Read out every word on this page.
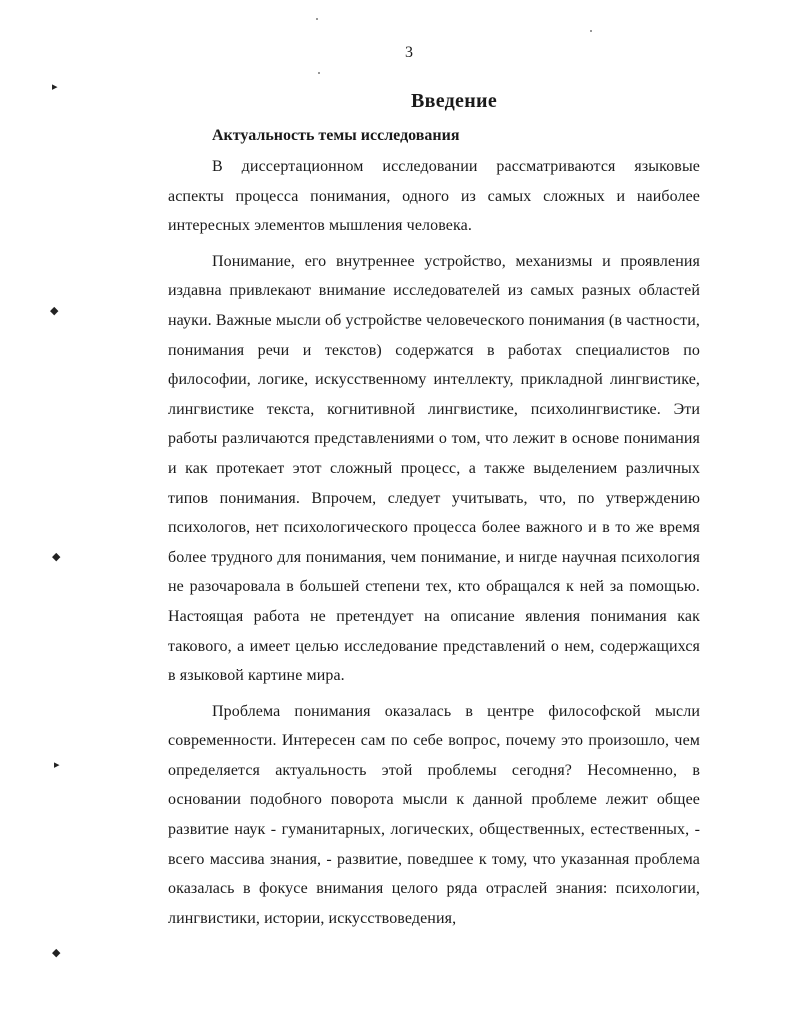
3
Введение
Актуальность темы исследования

В диссертационном исследовании рассматриваются языковые аспекты процесса понимания, одного из самых сложных и наиболее интересных элементов мышления человека.

Понимание, его внутреннее устройство, механизмы и проявления издавна привлекают внимание исследователей из самых разных областей науки. Важные мысли об устройстве человеческого понимания (в частности, понимания речи и текстов) содержатся в работах специалистов по философии, логике, искусственному интеллекту, прикладной лингвистике, лингвистике текста, когнитивной лингвистике, психолингвистике. Эти работы различаются представлениями о том, что лежит в основе понимания и как протекает этот сложный процесс, а также выделением различных типов понимания. Впрочем, следует учитывать, что, по утверждению психологов, нет психологического процесса более важного и в то же время более трудного для понимания, чем понимание, и нигде научная психология не разочаровала в большей степени тех, кто обращался к ней за помощью. Настоящая работа не претендует на описание явления понимания как такового, а имеет целью исследование представлений о нем, содержащихся в языковой картине мира.

Проблема понимания оказалась в центре философской мысли современности. Интересен сам по себе вопрос, почему это произошло, чем определяется актуальность этой проблемы сегодня? Несомненно, в основании подобного поворота мысли к данной проблеме лежит общее развитие наук - гуманитарных, логических, общественных, естественных, - всего массива знания, - развитие, поведшее к тому, что указанная проблема оказалась в фокусе внимания целого ряда отраслей знания: психологии, лингвистики, истории, искусствоведения,

▸
◆
◆
▸
◆
